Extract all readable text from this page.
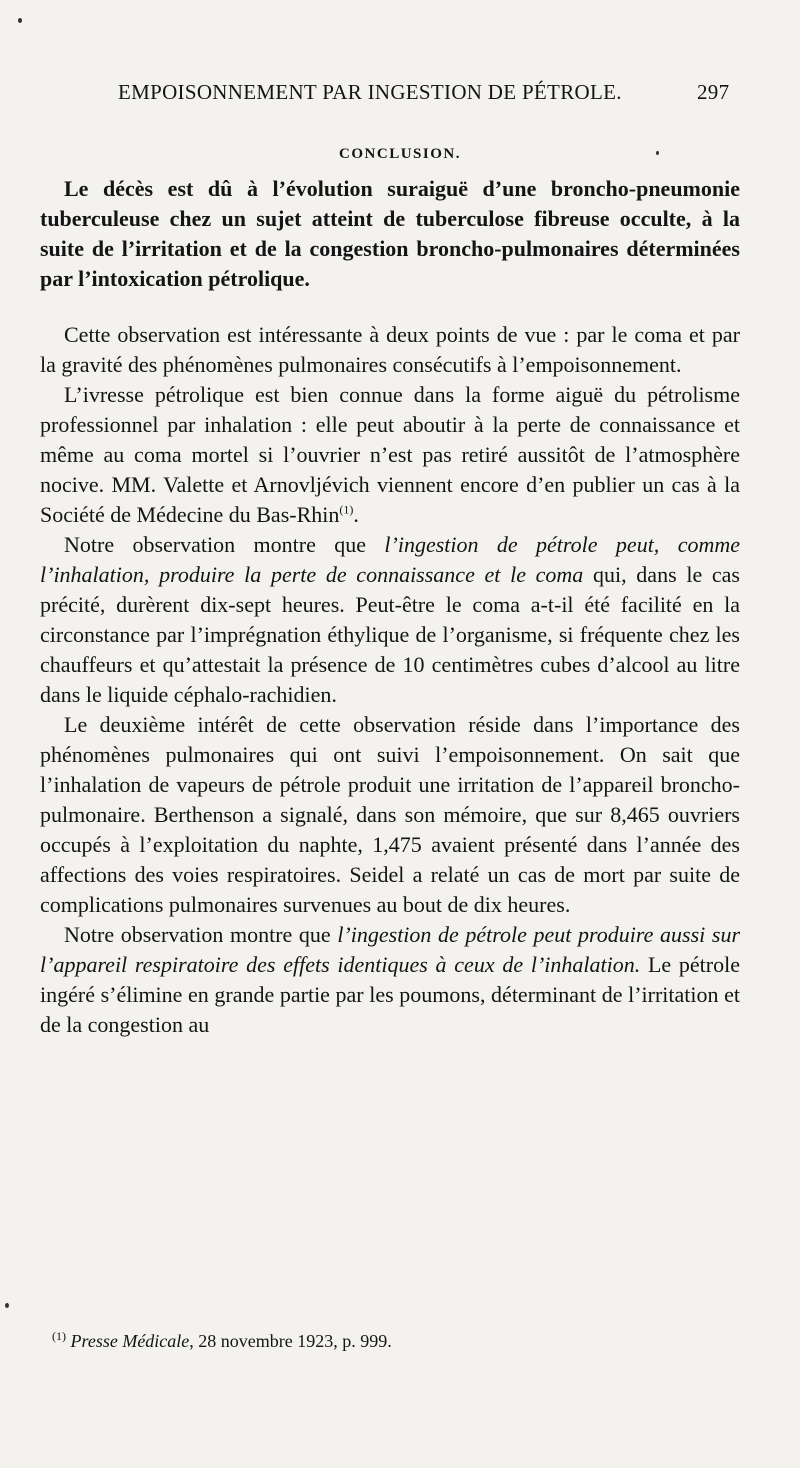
EMPOISONNEMENT PAR INGESTION DE PÉTROLE.	297
CONCLUSION.

Le décès est dû à l’évolution suraiguë d’une broncho-pneumonie tuberculeuse chez un sujet atteint de tuberculose fibreuse occulte, à la suite de l’irritation et de la congestion broncho-pulmonaires déterminées par l’intoxication pétrolique.

Cette observation est intéressante à deux points de vue : par le coma et par la gravité des phénomènes pulmonaires consécutifs à l’empoisonnement.

L’ivresse pétrolique est bien connue dans la forme aiguë du pétrolisme professionnel par inhalation : elle peut aboutir à la perte de connaissance et même au coma mortel si l’ouvrier n’est pas retiré aussitôt de l’atmosphère nocive. MM. Valette et Arnovljévich viennent encore d’en publier un cas à la Société de Médecine du Bas-Rhin$^{(1)}$.

Notre observation montre que l’ingestion de pétrole peut, comme l’inhalation, produire la perte de connaissance et le coma qui, dans le cas précité, durèrent dix-sept heures. Peut-être le coma a-t-il été facilité en la circonstance par l’imprégnation éthylique de l’organisme, si fréquente chez les chauffeurs et qu’attestait la présence de 10 centimètres cubes d’alcool au litre dans le liquide céphalo-rachidien.

Le deuxième intérêt de cette observation réside dans l’importance des phénomènes pulmonaires qui ont suivi l’empoisonnement. On sait que l’inhalation de vapeurs de pétrole produit une irritation de l’appareil broncho-pulmonaire. Berthenson a signalé, dans son mémoire, que sur 8,465 ouvriers occupés à l’exploitation du naphte, 1,475 avaient présenté dans l’année des affections des voies respiratoires. Seidel a relaté un cas de mort par suite de complications pulmonaires survenues au bout de dix heures.

Notre observation montre que l’ingestion de pétrole peut produire aussi sur l’appareil respiratoire des effets identiques à ceux de l’inhalation. Le pétrole ingéré s’élimine en grande partie par les poumons, déterminant de l’irritation et de la congestion au

$^{(1)}$ Presse Médicale, 28 novembre 1923, p. 999.
